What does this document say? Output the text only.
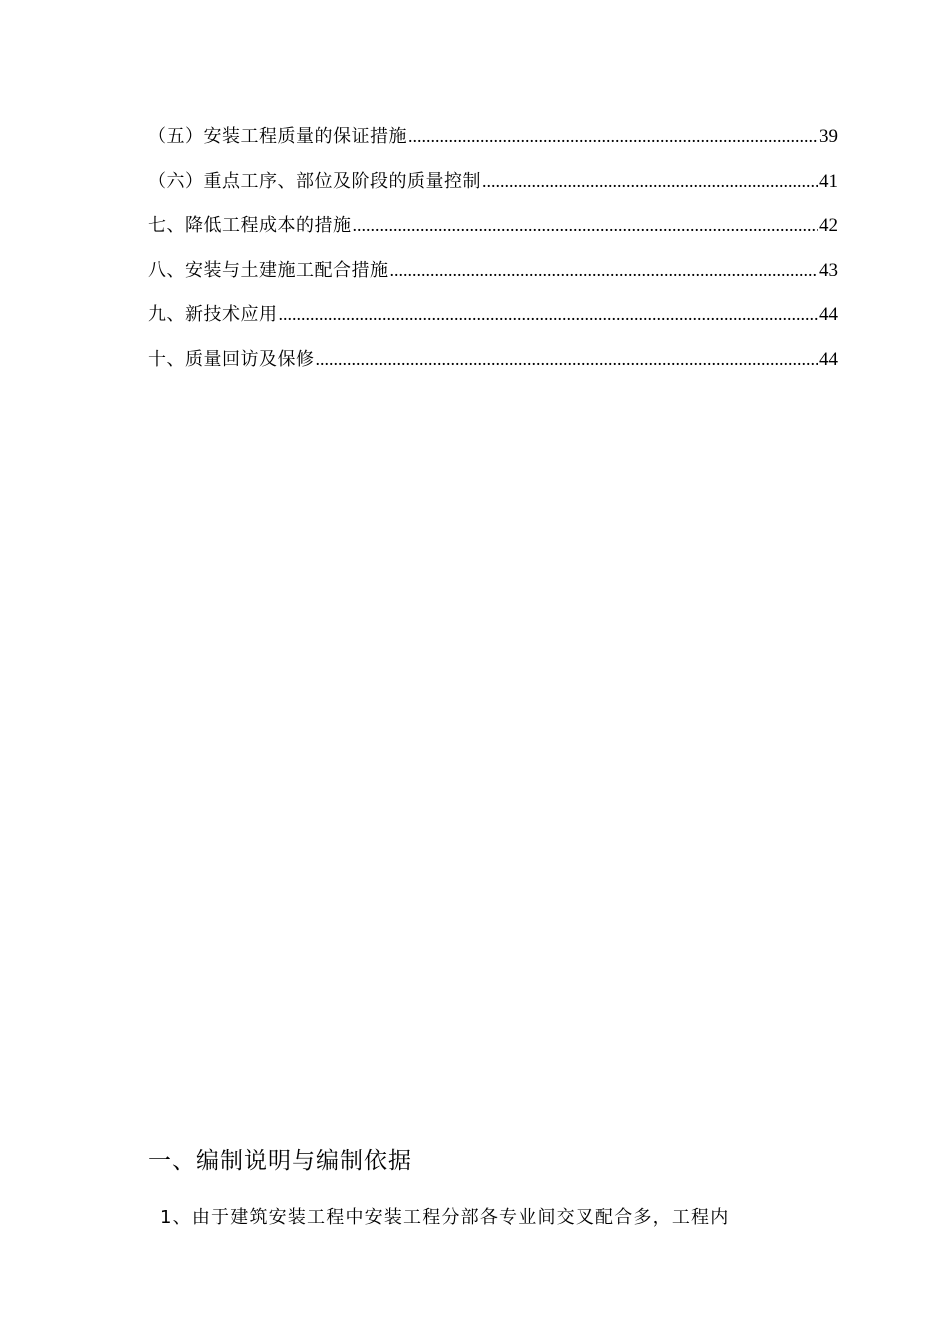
（五）安装工程质量的保证措施 .....	39
（六）重点工序、部位及阶段的质量控制 .....	41
七、降低工程成本的措施 .....	42
八、安装与土建施工配合措施 .....	43
九、新技术应用 .....	44
十、质量回访及保修 .....	44
一、编制说明与编制依据
1、由于建筑安装工程中安装工程分部各专业间交叉配合多，工程内
